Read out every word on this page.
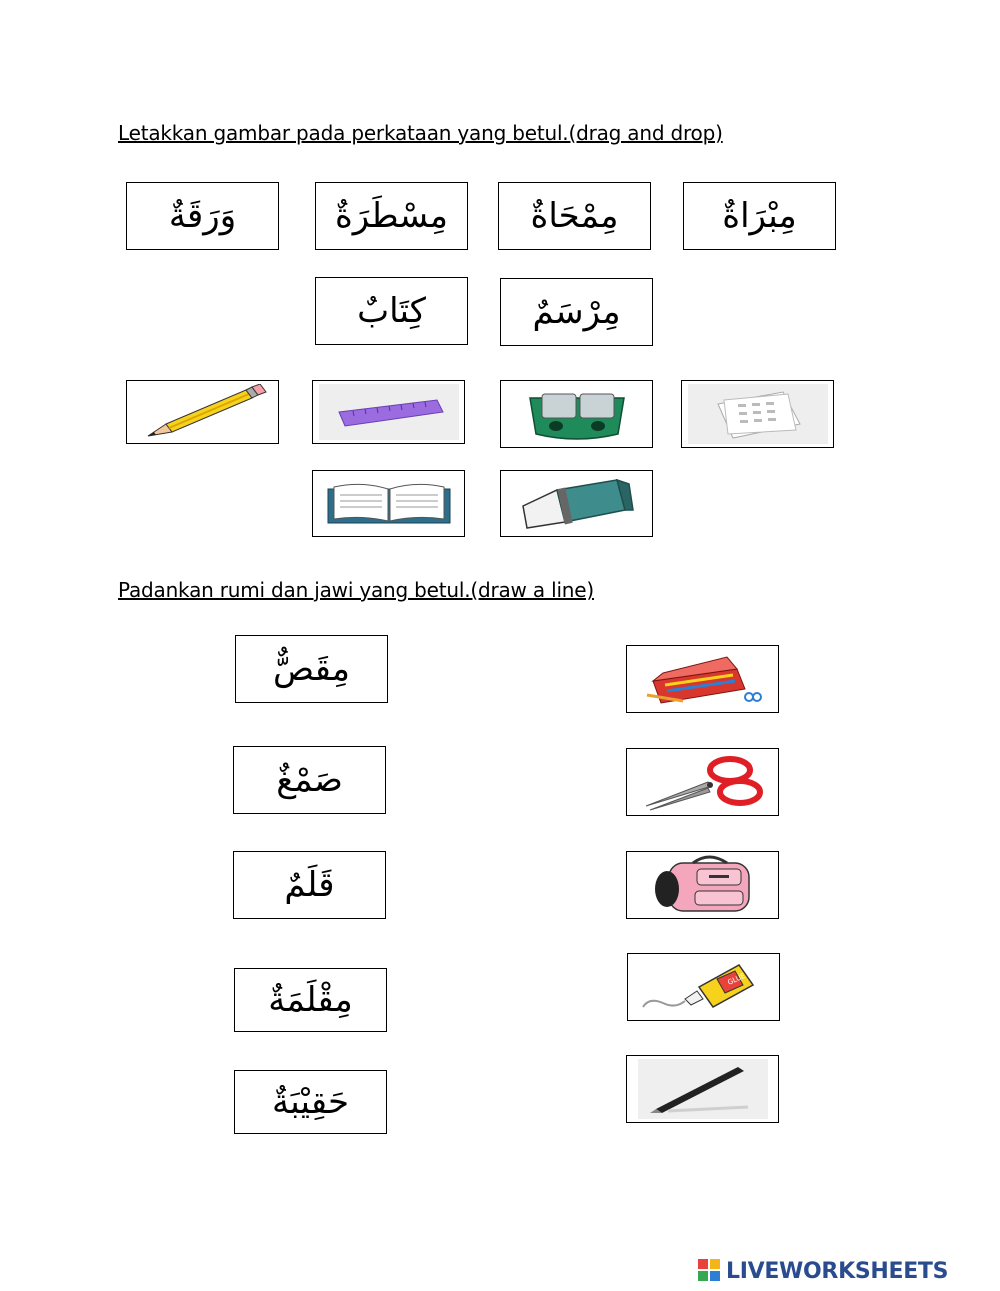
Letakkan gambar pada perkataan yang betul.(drag and drop)
وَرَقَةٌ	مِسْطَرَةٌ مِمْحَاةٌ	مِبْرَاةٌ
كِتَابٌ	مِرْسَمٌ
Padankan rumi dan jawi yang betul.(draw a line)
مِقَصٌّ
صَمْغٌ
قَلَمٌ
مِقْلَمَةٌ
حَقِيْبَةٌ
GLUE
LIVEWORKSHEETS
